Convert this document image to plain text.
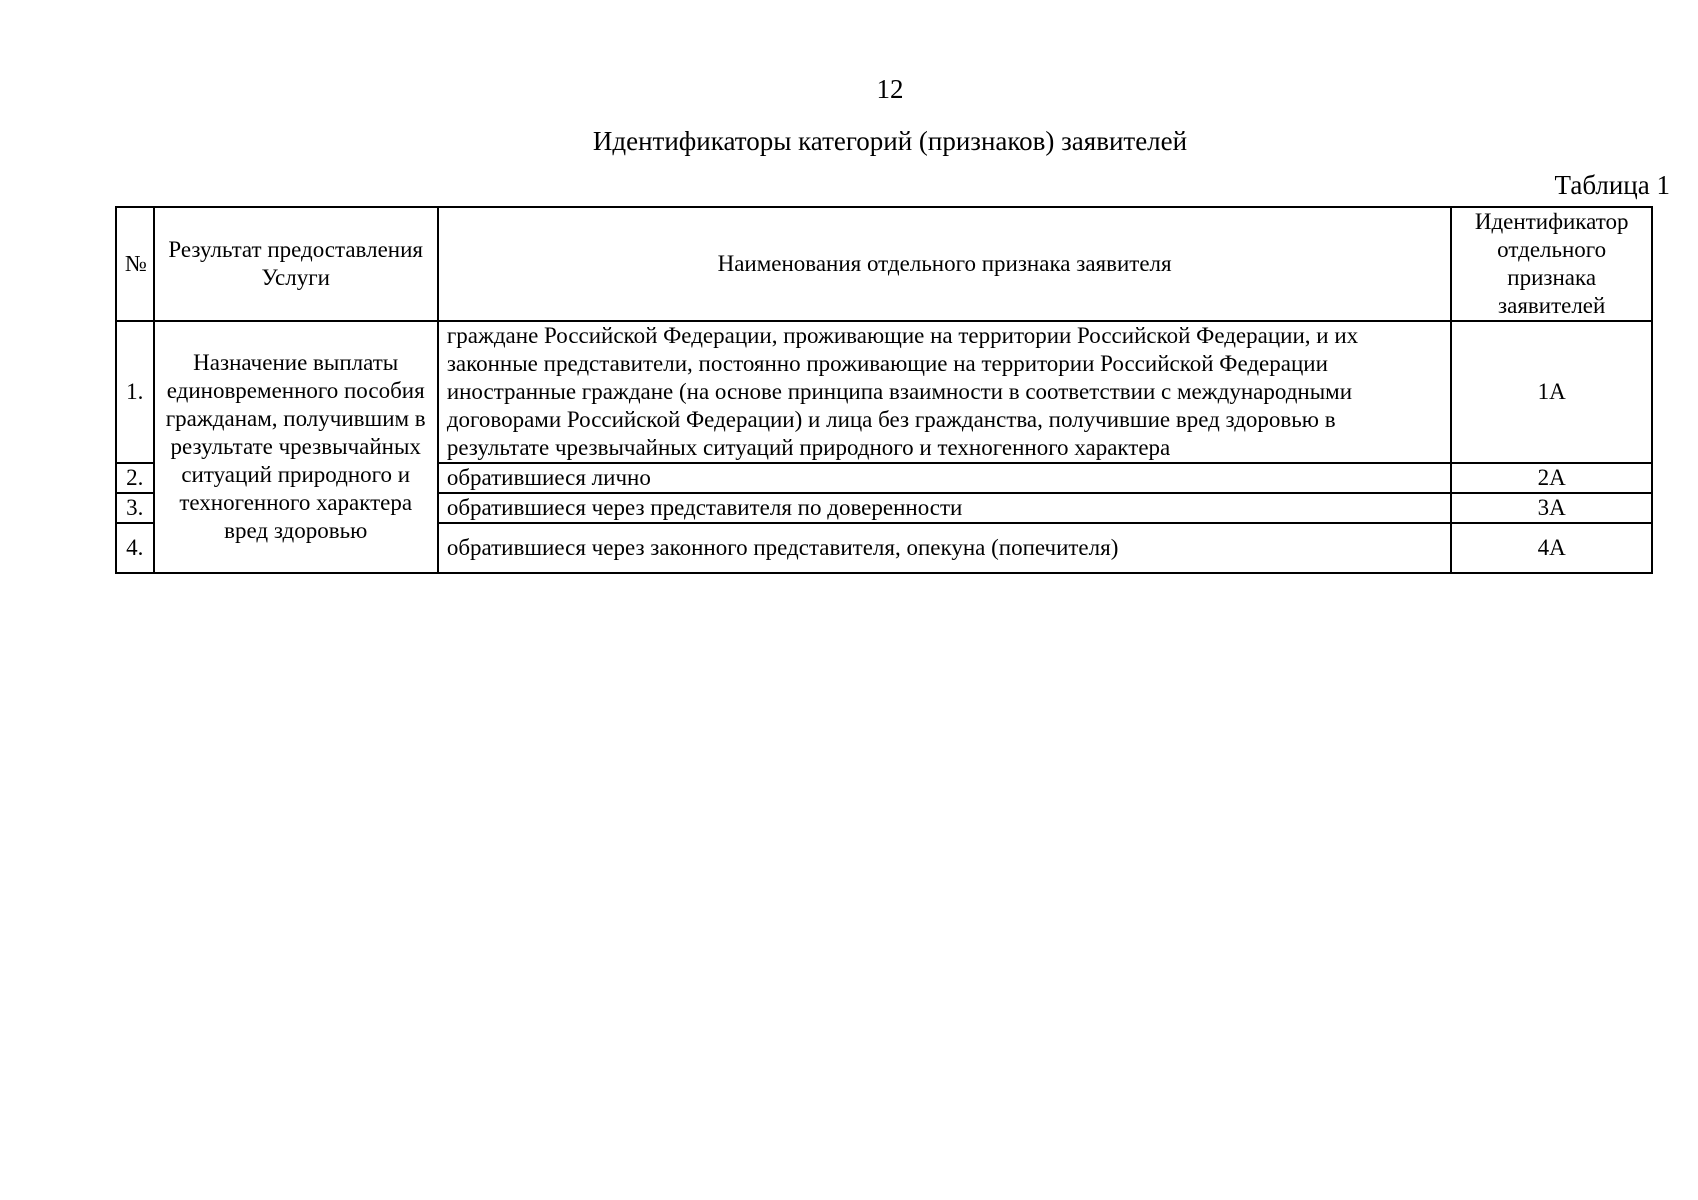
12
Идентификаторы категорий (признаков) заявителей
Таблица 1
№	Результат предоставления Услуги	Наименования отдельного признака заявителя	Идентификатор отдельного признака заявителей
1.	Назначение выплаты единовременного пособия гражданам, получившим в результате чрезвычайных ситуаций природного и техногенного характера вред здоровью	граждане Российской Федерации, проживающие на территории Российской Федерации, и их законные представители, постоянно проживающие на территории Российской Федерации иностранные граждане (на основе принципа взаимности в соответствии с международными договорами Российской Федерации) и лица без гражданства, получившие вред здоровью в результате чрезвычайных ситуаций природного и техногенного характера	1А
2.		обратившиеся лично	2А
3.		обратившиеся через представителя по доверенности	3А
4.		обратившиеся через законного представителя, опекуна (попечителя)	4А
